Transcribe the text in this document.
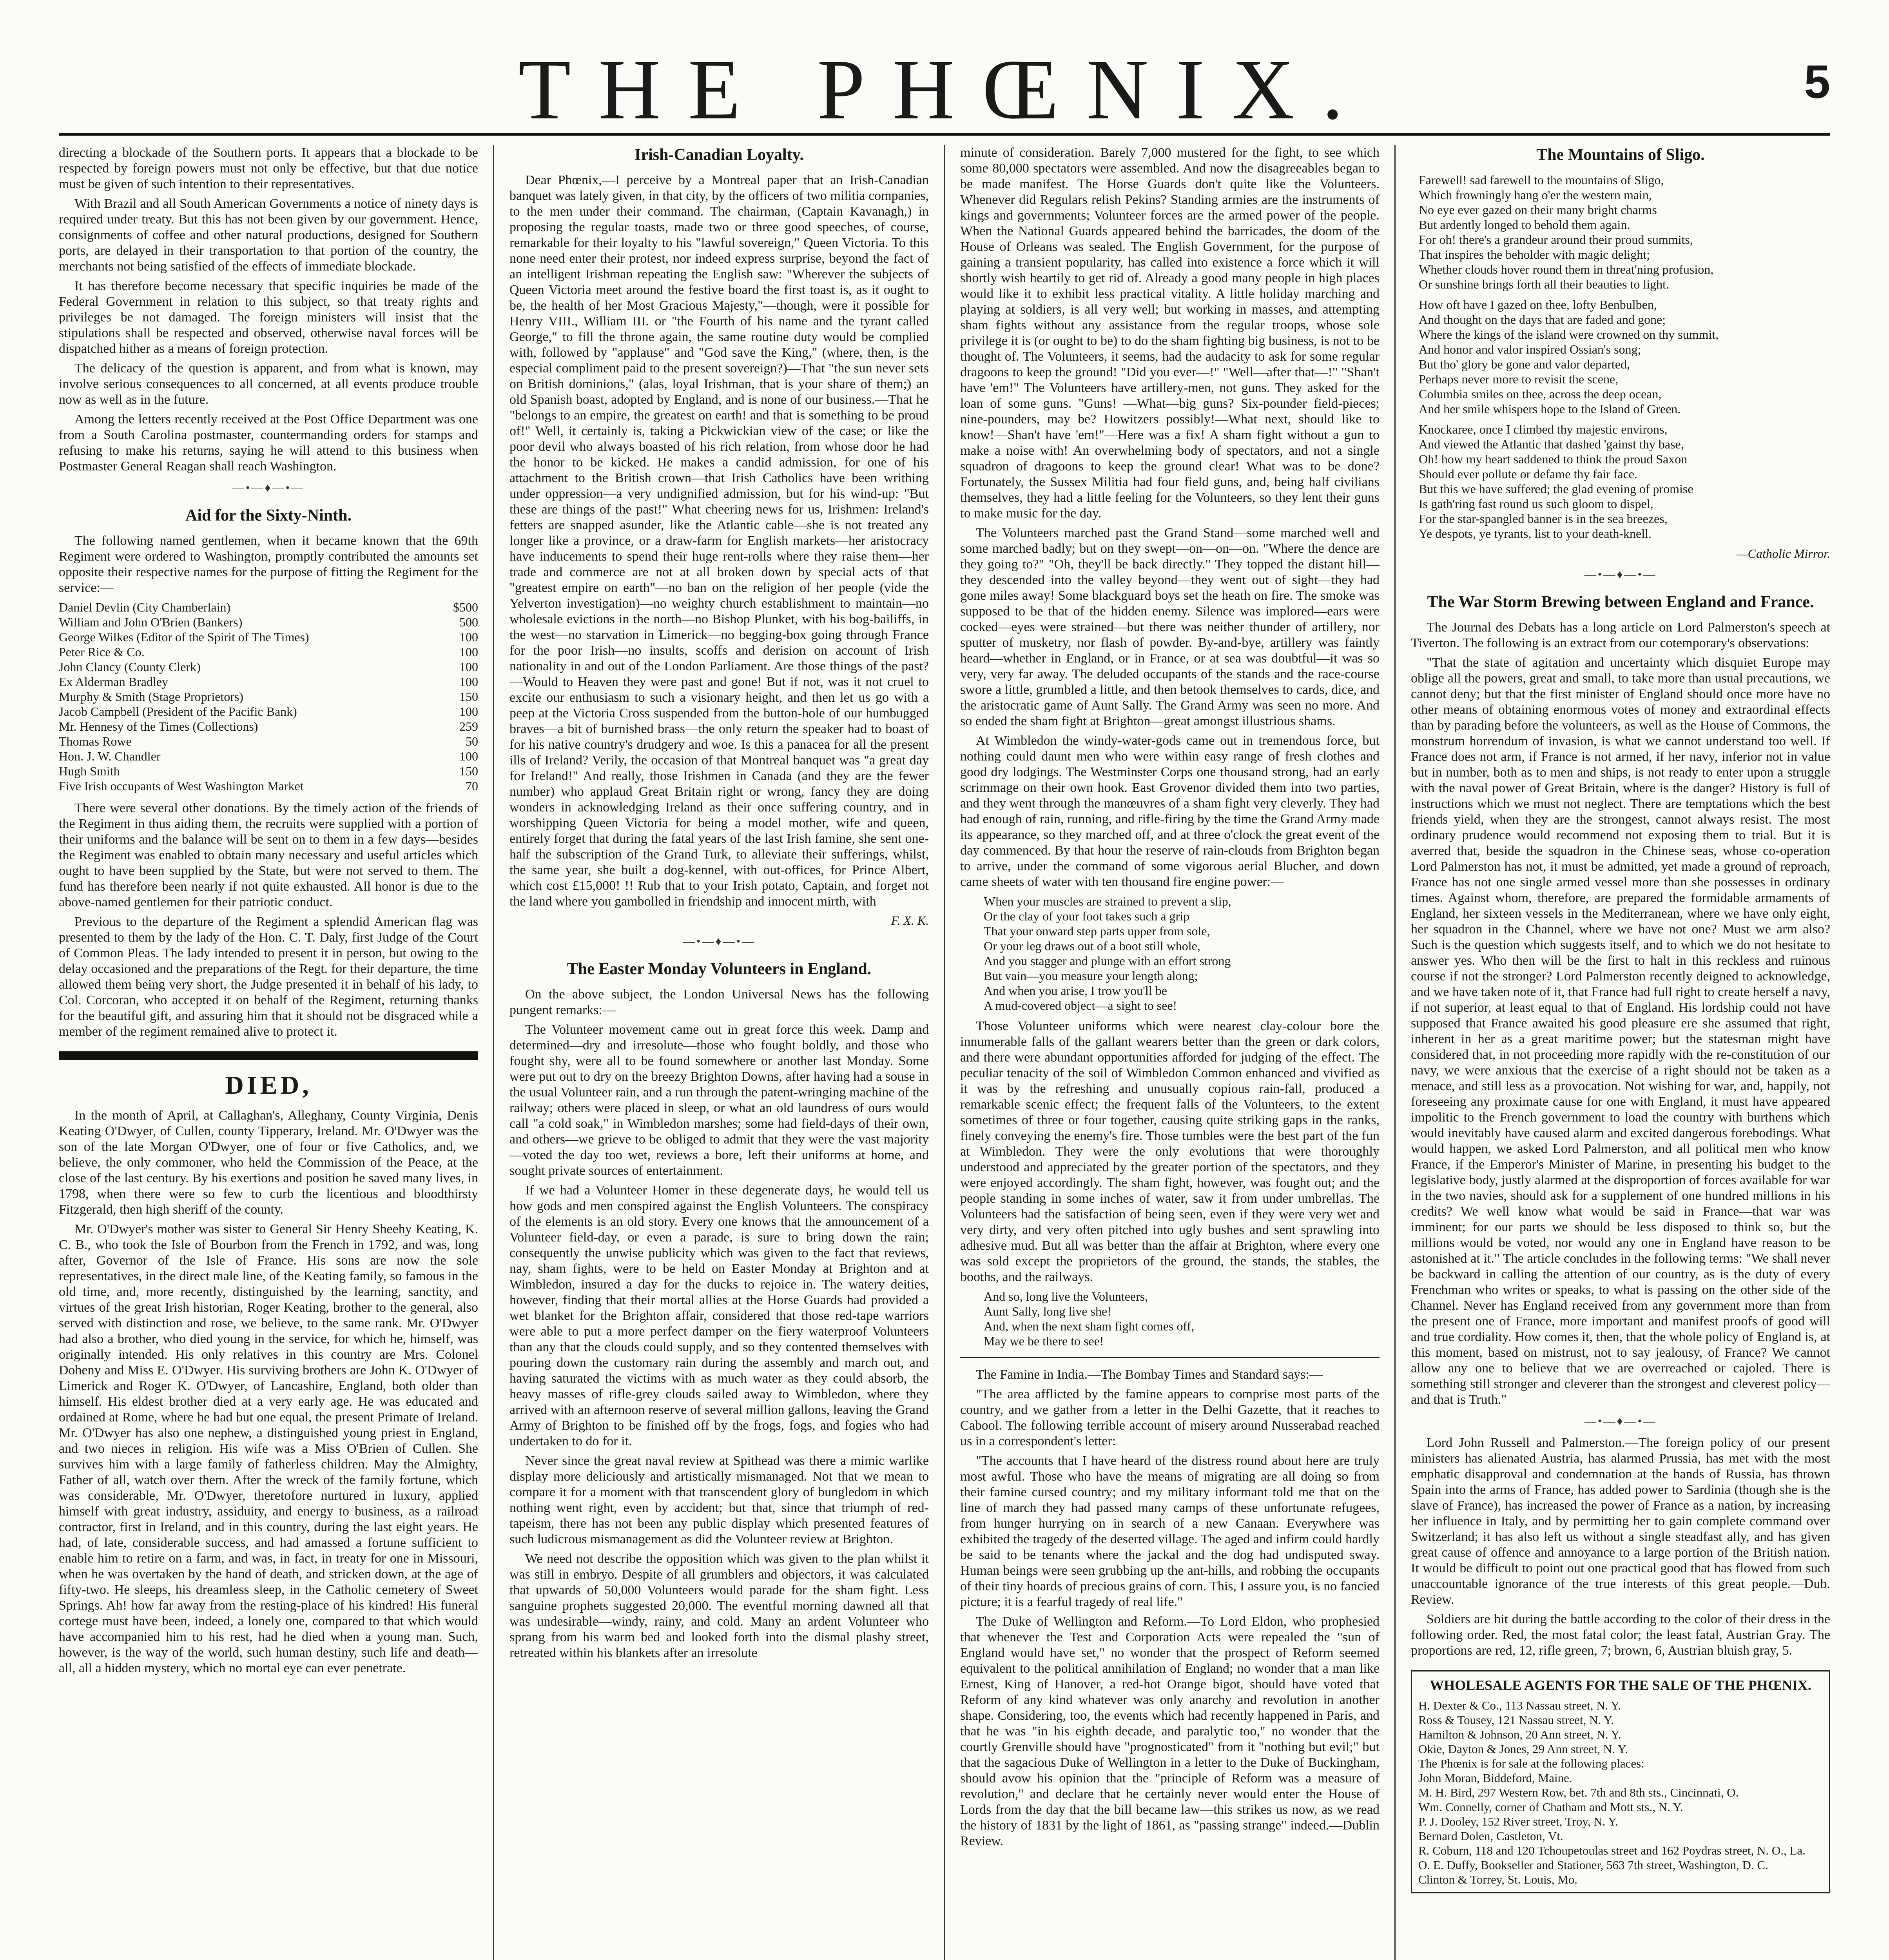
THE PHŒNIX.	5

directing a blockade of the Southern ports. It appears that a blockade to be respected by foreign powers must not only be effective, but that due notice must be given of such intention to their representatives.

With Brazil and all South American Governments a notice of ninety days is required under treaty. But this has not been given by our government. Hence, consignments of coffee and other natural productions, designed for Southern ports, are delayed in their transportation to that portion of the country, the merchants not being satisfied of the effects of immediate blockade.

It has therefore become necessary that specific inquiries be made of the Federal Government in relation to this subject, so that treaty rights and privileges be not damaged. The foreign ministers will insist that the stipulations shall be respected and observed, otherwise naval forces will be dispatched hither as a means of foreign protection.

The delicacy of the question is apparent, and from what is known, may involve serious consequences to all concerned, at all events produce trouble now as well as in the future.

Among the letters recently received at the Post Office Department was one from a South Carolina postmaster, countermanding orders for stamps and refusing to make his returns, saying he will attend to this business when Postmaster General Reagan shall reach Washington.

—•—♦—•—
Aid for the Sixty-Ninth.

The following named gentlemen, when it became known that the 69th Regiment were ordered to Washington, promptly contributed the amounts set opposite their respective names for the purpose of fitting the Regiment for the service:—

Daniel Devlin (City Chamberlain)	$500
William and John O'Brien (Bankers)	500
George Wilkes (Editor of the Spirit of The Times)	100
Peter Rice & Co.	100
John Clancy (County Clerk)	100
Ex Alderman Bradley	100
Murphy & Smith (Stage Proprietors)	150
Jacob Campbell (President of the Pacific Bank)	100
Mr. Hennesy of the Times (Collections)	259
Thomas Rowe	50
Hon. J. W. Chandler	100
Hugh Smith	150
Five Irish occupants of West Washington Market	70

There were several other donations. By the timely action of the friends of the Regiment in thus aiding them, the recruits were supplied with a portion of their uniforms and the balance will be sent on to them in a few days—besides the Regiment was enabled to obtain many necessary and useful articles which ought to have been supplied by the State, but were not served to them. The fund has therefore been nearly if not quite exhausted. All honor is due to the above-named gentlemen for their patriotic conduct.

Previous to the departure of the Regiment a splendid American flag was presented to them by the lady of the Hon. C. T. Daly, first Judge of the Court of Common Pleas. The lady intended to present it in person, but owing to the delay occasioned and the preparations of the Regt. for their departure, the time allowed them being very short, the Judge presented it in behalf of his lady, to Col. Corcoran, who accepted it on behalf of the Regiment, returning thanks for the beautiful gift, and assuring him that it should not be disgraced while a member of the regiment remained alive to protect it.

DIED,

In the month of April, at Callaghan's, Alleghany, County Virginia, Denis Keating O'Dwyer, of Cullen, county Tipperary, Ireland. Mr. O'Dwyer was the son of the late Morgan O'Dwyer, one of four or five Catholics, and, we believe, the only commoner, who held the Commission of the Peace, at the close of the last century. By his exertions and position he saved many lives, in 1798, when there were so few to curb the licentious and bloodthirsty Fitzgerald, then high sheriff of the county.

Mr. O'Dwyer's mother was sister to General Sir Henry Sheehy Keating, K. C. B., who took the Isle of Bourbon from the French in 1792, and was, long after, Governor of the Isle of France. His sons are now the sole representatives, in the direct male line, of the Keating family, so famous in the old time, and, more recently, distinguished by the learning, sanctity, and virtues of the great Irish historian, Roger Keating, brother to the general, also served with distinction and rose, we believe, to the same rank. Mr. O'Dwyer had also a brother, who died young in the service, for which he, himself, was originally intended. His only relatives in this country are Mrs. Colonel Doheny and Miss E. O'Dwyer. His surviving brothers are John K. O'Dwyer of Limerick and Roger K. O'Dwyer, of Lancashire, England, both older than himself. His eldest brother died at a very early age. He was educated and ordained at Rome, where he had but one equal, the present Primate of Ireland. Mr. O'Dwyer has also one nephew, a distinguished young priest in England, and two nieces in religion. His wife was a Miss O'Brien of Cullen. She survives him with a large family of fatherless children. May the Almighty, Father of all, watch over them. After the wreck of the family fortune, which was considerable, Mr. O'Dwyer, theretofore nurtured in luxury, applied himself with great industry, assiduity, and energy to business, as a railroad contractor, first in Ireland, and in this country, during the last eight years. He had, of late, considerable success, and had amassed a fortune sufficient to enable him to retire on a farm, and was, in fact, in treaty for one in Missouri, when he was overtaken by the hand of death, and stricken down, at the age of fifty-two. He sleeps, his dreamless sleep, in the Catholic cemetery of Sweet Springs. Ah! how far away from the resting-place of his kindred! His funeral cortege must have been, indeed, a lonely one, compared to that which would have accompanied him to his rest, had he died when a young man. Such, however, is the way of the world, such human destiny, such life and death—all, all a hidden mystery, which no mortal eye can ever penetrate.

Irish-Canadian Loyalty.

Dear Phœnix,—I perceive by a Montreal paper that an Irish-Canadian banquet was lately given, in that city, by the officers of two militia companies, to the men under their command. The chairman, (Captain Kavanagh,) in proposing the regular toasts, made two or three good speeches, of course, remarkable for their loyalty to his "lawful sovereign," Queen Victoria. To this none need enter their protest, nor indeed express surprise, beyond the fact of an intelligent Irishman repeating the English saw: "Wherever the subjects of Queen Victoria meet around the festive board the first toast is, as it ought to be, the health of her Most Gracious Majesty,"—though, were it possible for Henry VIII., William III. or "the Fourth of his name and the tyrant called George," to fill the throne again, the same routine duty would be complied with, followed by "applause" and "God save the King," (where, then, is the especial compliment paid to the present sovereign?)—That "the sun never sets on British dominions," (alas, loyal Irishman, that is your share of them;) an old Spanish boast, adopted by England, and is none of our business.—That he "belongs to an empire, the greatest on earth! and that is something to be proud of!" Well, it certainly is, taking a Pickwickian view of the case; or like the poor devil who always boasted of his rich relation, from whose door he had the honor to be kicked. He makes a candid admission, for one of his attachment to the British crown—that Irish Catholics have been writhing under oppression—a very undignified admission, but for his wind-up: "But these are things of the past!" What cheering news for us, Irishmen: Ireland's fetters are snapped asunder, like the Atlantic cable—she is not treated any longer like a province, or a draw-farm for English markets—her aristocracy have inducements to spend their huge rent-rolls where they raise them—her trade and commerce are not at all broken down by special acts of that "greatest empire on earth"—no ban on the religion of her people (vide the Yelverton investigation)—no weighty church establishment to maintain—no wholesale evictions in the north—no Bishop Plunket, with his bog-bailiffs, in the west—no starvation in Limerick—no begging-box going through France for the poor Irish—no insults, scoffs and derision on account of Irish nationality in and out of the London Parliament. Are those things of the past?—Would to Heaven they were past and gone! But if not, was it not cruel to excite our enthusiasm to such a visionary height, and then let us go with a peep at the Victoria Cross suspended from the button-hole of our humbugged braves—a bit of burnished brass—the only return the speaker had to boast of for his native country's drudgery and woe. Is this a panacea for all the present ills of Ireland? Verily, the occasion of that Montreal banquet was "a great day for Ireland!" And really, those Irishmen in Canada (and they are the fewer number) who applaud Great Britain right or wrong, fancy they are doing wonders in acknowledging Ireland as their once suffering country, and in worshipping Queen Victoria for being a model mother, wife and queen, entirely forget that during the fatal years of the last Irish famine, she sent one-half the subscription of the Grand Turk, to alleviate their sufferings, whilst, the same year, she built a dog-kennel, with out-offices, for Prince Albert, which cost £15,000! !! Rub that to your Irish potato, Captain, and forget not the land where you gambolled in friendship and innocent mirth, with

F. X. K.
—•—♦—•—
The Easter Monday Volunteers in England.

On the above subject, the London Universal News has the following pungent remarks:—

The Volunteer movement came out in great force this week. Damp and determined—dry and irresolute—those who fought boldly, and those who fought shy, were all to be found somewhere or another last Monday. Some were put out to dry on the breezy Brighton Downs, after having had a souse in the usual Volunteer rain, and a run through the patent-wringing machine of the railway; others were placed in sleep, or what an old laundress of ours would call "a cold soak," in Wimbledon marshes; some had field-days of their own, and others—we grieve to be obliged to admit that they were the vast majority—voted the day too wet, reviews a bore, left their uniforms at home, and sought private sources of entertainment.

If we had a Volunteer Homer in these degenerate days, he would tell us how gods and men conspired against the English Volunteers. The conspiracy of the elements is an old story. Every one knows that the announcement of a Volunteer field-day, or even a parade, is sure to bring down the rain; consequently the unwise publicity which was given to the fact that reviews, nay, sham fights, were to be held on Easter Monday at Brighton and at Wimbledon, insured a day for the ducks to rejoice in. The watery deities, however, finding that their mortal allies at the Horse Guards had provided a wet blanket for the Brighton affair, considered that those red-tape warriors were able to put a more perfect damper on the fiery waterproof Volunteers than any that the clouds could supply, and so they contented themselves with pouring down the customary rain during the assembly and march out, and having saturated the victims with as much water as they could absorb, the heavy masses of rifle-grey clouds sailed away to Wimbledon, where they arrived with an afternoon reserve of several million gallons, leaving the Grand Army of Brighton to be finished off by the frogs, fogs, and fogies who had undertaken to do for it.

Never since the great naval review at Spithead was there a mimic warlike display more deliciously and artistically mismanaged. Not that we mean to compare it for a moment with that transcendent glory of bungledom in which nothing went right, even by accident; but that, since that triumph of red-tapeism, there has not been any public display which presented features of such ludicrous mismanagement as did the Volunteer review at Brighton.

We need not describe the opposition which was given to the plan whilst it was still in embryo. Despite of all grumblers and objectors, it was calculated that upwards of 50,000 Volunteers would parade for the sham fight. Less sanguine prophets suggested 20,000. The eventful morning dawned all that was undesirable—windy, rainy, and cold. Many an ardent Volunteer who sprang from his warm bed and looked forth into the dismal plashy street, retreated within his blankets after an irresolute

minute of consideration. Barely 7,000 mustered for the fight, to see which some 80,000 spectators were assembled. And now the disagreeables began to be made manifest. The Horse Guards don't quite like the Volunteers. Whenever did Regulars relish Pekins? Standing armies are the instruments of kings and governments; Volunteer forces are the armed power of the people. When the National Guards appeared behind the barricades, the doom of the House of Orleans was sealed. The English Government, for the purpose of gaining a transient popularity, has called into existence a force which it will shortly wish heartily to get rid of. Already a good many people in high places would like it to exhibit less practical vitality. A little holiday marching and playing at soldiers, is all very well; but working in masses, and attempting sham fights without any assistance from the regular troops, whose sole privilege it is (or ought to be) to do the sham fighting big business, is not to be thought of. The Volunteers, it seems, had the audacity to ask for some regular dragoons to keep the ground! "Did you ever—!" "Well—after that—!" "Shan't have 'em!" The Volunteers have artillery-men, not guns. They asked for the loan of some guns. "Guns! —What—big guns? Six-pounder field-pieces; nine-pounders, may be? Howitzers possibly!—What next, should like to know!—Shan't have 'em!"—Here was a fix! A sham fight without a gun to make a noise with! An overwhelming body of spectators, and not a single squadron of dragoons to keep the ground clear! What was to be done? Fortunately, the Sussex Militia had four field guns, and, being half civilians themselves, they had a little feeling for the Volunteers, so they lent their guns to make music for the day.

The Volunteers marched past the Grand Stand—some marched well and some marched badly; but on they swept—on—on—on. "Where the dence are they going to?" "Oh, they'll be back directly." They topped the distant hill—they descended into the valley beyond—they went out of sight—they had gone miles away! Some blackguard boys set the heath on fire. The smoke was supposed to be that of the hidden enemy. Silence was implored—ears were cocked—eyes were strained—but there was neither thunder of artillery, nor sputter of musketry, nor flash of powder. By-and-bye, artillery was faintly heard—whether in England, or in France, or at sea was doubtful—it was so very, very far away. The deluded occupants of the stands and the race-course swore a little, grumbled a little, and then betook themselves to cards, dice, and the aristocratic game of Aunt Sally. The Grand Army was seen no more. And so ended the sham fight at Brighton—great amongst illustrious shams.

At Wimbledon the windy-water-gods came out in tremendous force, but nothing could daunt men who were within easy range of fresh clothes and good dry lodgings. The Westminster Corps one thousand strong, had an early scrimmage on their own hook. East Grovenor divided them into two parties, and they went through the manœuvres of a sham fight very cleverly. They had had enough of rain, running, and rifle-firing by the time the Grand Army made its appearance, so they marched off, and at three o'clock the great event of the day commenced. By that hour the reserve of rain-clouds from Brighton began to arrive, under the command of some vigorous aerial Blucher, and down came sheets of water with ten thousand fire engine power:—

When your muscles are strained to prevent a slip,
Or the clay of your foot takes such a grip
That your onward step parts upper from sole,
Or your leg draws out of a boot still whole,
And you stagger and plunge with an effort strong
But vain—you measure your length along;
And when you arise, I trow you'll be
A mud-covered object—a sight to see!

Those Volunteer uniforms which were nearest clay-colour bore the innumerable falls of the gallant wearers better than the green or dark colors, and there were abundant opportunities afforded for judging of the effect. The peculiar tenacity of the soil of Wimbledon Common enhanced and vivified as it was by the refreshing and unusually copious rain-fall, produced a remarkable scenic effect; the frequent falls of the Volunteers, to the extent sometimes of three or four together, causing quite striking gaps in the ranks, finely conveying the enemy's fire. Those tumbles were the best part of the fun at Wimbledon. They were the only evolutions that were thoroughly understood and appreciated by the greater portion of the spectators, and they were enjoyed accordingly. The sham fight, however, was fought out; and the people standing in some inches of water, saw it from under umbrellas. The Volunteers had the satisfaction of being seen, even if they were very wet and very dirty, and very often pitched into ugly bushes and sent sprawling into adhesive mud. But all was better than the affair at Brighton, where every one was sold except the proprietors of the ground, the stands, the stables, the booths, and the railways.

And so, long live the Volunteers,
Aunt Sally, long live she!
And, when the next sham fight comes off,
May we be there to see!

The Famine in India.—The Bombay Times and Standard says:—

"The area afflicted by the famine appears to comprise most parts of the country, and we gather from a letter in the Delhi Gazette, that it reaches to Cabool. The following terrible account of misery around Nusserabad reached us in a correspondent's letter:

"The accounts that I have heard of the distress round about here are truly most awful. Those who have the means of migrating are all doing so from their famine cursed country; and my military informant told me that on the line of march they had passed many camps of these unfortunate refugees, from hunger hurrying on in search of a new Canaan. Everywhere was exhibited the tragedy of the deserted village. The aged and infirm could hardly be said to be tenants where the jackal and the dog had undisputed sway. Human beings were seen grubbing up the ant-hills, and robbing the occupants of their tiny hoards of precious grains of corn. This, I assure you, is no fancied picture; it is a fearful tragedy of real life."

The Duke of Wellington and Reform.—To Lord Eldon, who prophesied that whenever the Test and Corporation Acts were repealed the "sun of England would have set," no wonder that the prospect of Reform seemed equivalent to the political annihilation of England; no wonder that a man like Ernest, King of Hanover, a red-hot Orange bigot, should have voted that Reform of any kind whatever was only anarchy and revolution in another shape. Considering, too, the events which had recently happened in Paris, and that he was "in his eighth decade, and paralytic too," no wonder that the courtly Grenville should have "prognosticated" from it "nothing but evil;" but that the sagacious Duke of Wellington in a letter to the Duke of Buckingham, should avow his opinion that the "principle of Reform was a measure of revolution," and declare that he certainly never would enter the House of Lords from the day that the bill became law—this strikes us now, as we read the history of 1831 by the light of 1861, as "passing strange" indeed.—Dublin Review.

The Mountains of Sligo.
Farewell! sad farewell to the mountains of Sligo,
Which frowningly hang o'er the western main,
No eye ever gazed on their many bright charms
But ardently longed to behold them again.
For oh! there's a grandeur around their proud summits,
That inspires the beholder with magic delight;
Whether clouds hover round them in threat'ning profusion,
Or sunshine brings forth all their beauties to light.
How oft have I gazed on thee, lofty Benbulben,
And thought on the days that are faded and gone;
Where the kings of the island were crowned on thy summit,
And honor and valor inspired Ossian's song;
But tho' glory be gone and valor departed,
Perhaps never more to revisit the scene,
Columbia smiles on thee, across the deep ocean,
And her smile whispers hope to the Island of Green.
Knockaree, once I climbed thy majestic environs,
And viewed the Atlantic that dashed 'gainst thy base,
Oh! how my heart saddened to think the proud Saxon
Should ever pollute or defame thy fair face.
But this we have suffered; the glad evening of promise
Is gath'ring fast round us such gloom to dispel,
For the star-spangled banner is in the sea breezes,
Ye despots, ye tyrants, list to your death-knell.
—Catholic Mirror.
—•—♦—•—
The War Storm Brewing between England and France.

The Journal des Debats has a long article on Lord Palmerston's speech at Tiverton. The following is an extract from our cotemporary's observations:

"That the state of agitation and uncertainty which disquiet Europe may oblige all the powers, great and small, to take more than usual precautions, we cannot deny; but that the first minister of England should once more have no other means of obtaining enormous votes of money and extraordinal effects than by parading before the volunteers, as well as the House of Commons, the monstrum horrendum of invasion, is what we cannot understand too well. If France does not arm, if France is not armed, if her navy, inferior not in value but in number, both as to men and ships, is not ready to enter upon a struggle with the naval power of Great Britain, where is the danger? History is full of instructions which we must not neglect. There are temptations which the best friends yield, when they are the strongest, cannot always resist. The most ordinary prudence would recommend not exposing them to trial. But it is averred that, beside the squadron in the Chinese seas, whose co-operation Lord Palmerston has not, it must be admitted, yet made a ground of reproach, France has not one single armed vessel more than she possesses in ordinary times. Against whom, therefore, are prepared the formidable armaments of England, her sixteen vessels in the Mediterranean, where we have only eight, her squadron in the Channel, where we have not one? Must we arm also? Such is the question which suggests itself, and to which we do not hesitate to answer yes. Who then will be the first to halt in this reckless and ruinous course if not the stronger? Lord Palmerston recently deigned to acknowledge, and we have taken note of it, that France had full right to create herself a navy, if not superior, at least equal to that of England. His lordship could not have supposed that France awaited his good pleasure ere she assumed that right, inherent in her as a great maritime power; but the statesman might have considered that, in not proceeding more rapidly with the re-constitution of our navy, we were anxious that the exercise of a right should not be taken as a menace, and still less as a provocation. Not wishing for war, and, happily, not foreseeing any proximate cause for one with England, it must have appeared impolitic to the French government to load the country with burthens which would inevitably have caused alarm and excited dangerous forebodings. What would happen, we asked Lord Palmerston, and all political men who know France, if the Emperor's Minister of Marine, in presenting his budget to the legislative body, justly alarmed at the disproportion of forces available for war in the two navies, should ask for a supplement of one hundred millions in his credits? We well know what would be said in France—that war was imminent; for our parts we should be less disposed to think so, but the millions would be voted, nor would any one in England have reason to be astonished at it." The article concludes in the following terms: "We shall never be backward in calling the attention of our country, as is the duty of every Frenchman who writes or speaks, to what is passing on the other side of the Channel. Never has England received from any government more than from the present one of France, more important and manifest proofs of good will and true cordiality. How comes it, then, that the whole policy of England is, at this moment, based on mistrust, not to say jealousy, of France? We cannot allow any one to believe that we are overreached or cajoled. There is something still stronger and cleverer than the strongest and cleverest policy—and that is Truth."

—•—♦—•—

Lord John Russell and Palmerston.—The foreign policy of our present ministers has alienated Austria, has alarmed Prussia, has met with the most emphatic disapproval and condemnation at the hands of Russia, has thrown Spain into the arms of France, has added power to Sardinia (though she is the slave of France), has increased the power of France as a nation, by increasing her influence in Italy, and by permitting her to gain complete command over Switzerland; it has also left us without a single steadfast ally, and has given great cause of offence and annoyance to a large portion of the British nation. It would be difficult to point out one practical good that has flowed from such unaccountable ignorance of the true interests of this great people.—Dub. Review.

Soldiers are hit during the battle according to the color of their dress in the following order. Red, the most fatal color; the least fatal, Austrian Gray. The proportions are red, 12, rifle green, 7; brown, 6, Austrian bluish gray, 5.

WHOLESALE AGENTS FOR THE SALE OF THE PHŒNIX.
H. Dexter & Co., 113 Nassau street, N. Y.
Ross & Tousey, 121 Nassau street, N. Y.
Hamilton & Johnson, 20 Ann street, N. Y.
Okie, Dayton & Jones, 29 Ann street, N. Y.
The Phœnix is for sale at the following places:
John Moran, Biddeford, Maine.
M. H. Bird, 297 Western Row, bet. 7th and 8th sts., Cincinnati, O.
Wm. Connelly, corner of Chatham and Mott sts., N. Y.
P. J. Dooley, 152 River street, Troy, N. Y.
Bernard Dolen, Castleton, Vt.
R. Coburn, 118 and 120 Tchoupetoulas street and 162 Poydras street, N. O., La.
O. E. Duffy, Bookseller and Stationer, 563 7th street, Washington, D. C.
Clinton & Torrey, St. Louis, Mo.
